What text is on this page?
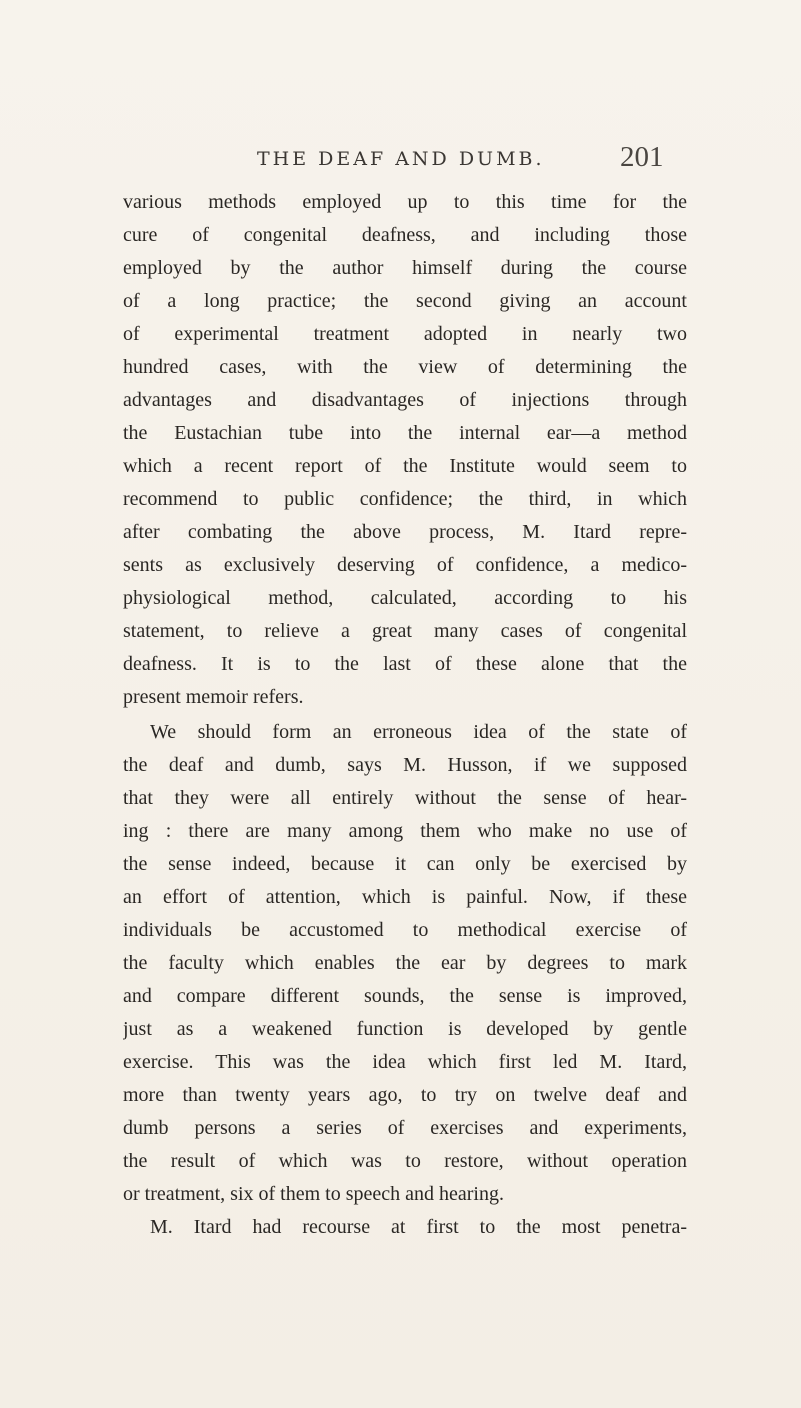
THE DEAF AND DUMB.	201
various methods employed up to this time for the
cure of congenital deafness, and including those
employed by the author himself during the course
of a long practice; the second giving an account
of experimental treatment adopted in nearly two
hundred cases, with the view of determining the
advantages and disadvantages of injections through
the Eustachian tube into the internal ear—a method
which a recent report of the Institute would seem to
recommend to public confidence; the third, in which
after combating the above process, M. Itard repre-
sents as exclusively deserving of confidence, a medico-
physiological method, calculated, according to his
statement, to relieve a great many cases of congenital
deafness. It is to the last of these alone that the
present memoir refers.
We should form an erroneous idea of the state of
the deaf and dumb, says M. Husson, if we supposed
that they were all entirely without the sense of hear-
ing : there are many among them who make no use of
the sense indeed, because it can only be exercised by
an effort of attention, which is painful. Now, if these
individuals be accustomed to methodical exercise of
the faculty which enables the ear by degrees to mark
and compare different sounds, the sense is improved,
just as a weakened function is developed by gentle
exercise. This was the idea which first led M. Itard,
more than twenty years ago, to try on twelve deaf and
dumb persons a series of exercises and experiments,
the result of which was to restore, without operation
or treatment, six of them to speech and hearing.
M. Itard had recourse at first to the most penetra-
